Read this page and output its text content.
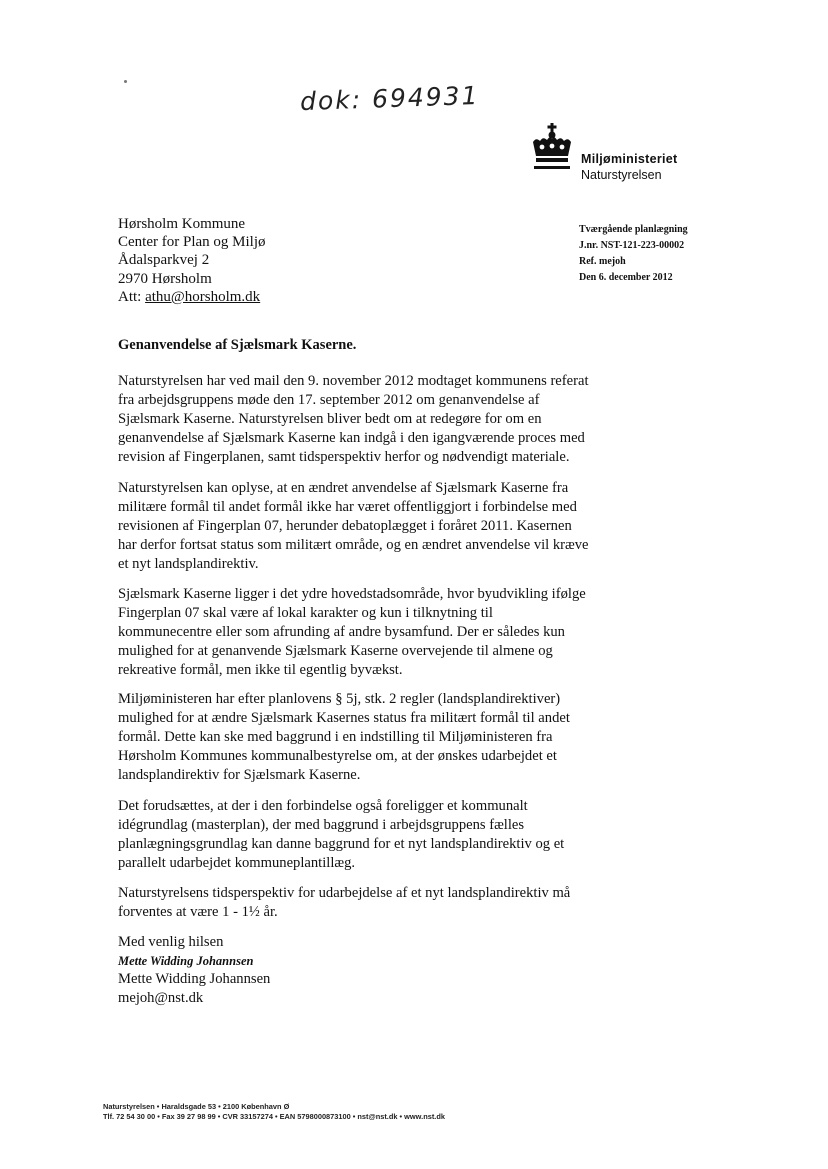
dok: 694931
Miljøministeriet
Naturstyrelsen
Hørsholm Kommune
Center for Plan og Miljø
Ådalsparkvej 2
2970 Hørsholm
Att: athu@horsholm.dk
Tværgående planlægning
J.nr. NST-121-223-00002
Ref. mejoh
Den 6. december 2012
Genanvendelse af Sjælsmark Kaserne.
Naturstyrelsen har ved mail den 9. november 2012 modtaget kommunens referat
fra arbejdsgruppens møde den 17. september 2012 om genanvendelse af
Sjælsmark Kaserne. Naturstyrelsen bliver bedt om at redegøre for om en
genanvendelse af Sjælsmark Kaserne kan indgå i den igangværende proces med
revision af Fingerplanen, samt tidsperspektiv herfor og nødvendigt materiale.
Naturstyrelsen kan oplyse, at en ændret anvendelse af Sjælsmark Kaserne fra
militære formål til andet formål ikke har været offentliggjort i forbindelse med
revisionen af Fingerplan 07, herunder debatoplægget i foråret 2011. Kasernen
har derfor fortsat status som militært område, og en ændret anvendelse vil kræve
et nyt landsplandirektiv.
Sjælsmark Kaserne ligger i det ydre hovedstadsområde, hvor byudvikling ifølge
Fingerplan 07 skal være af lokal karakter og kun i tilknytning til
kommunecentre eller som afrunding af andre bysamfund. Der er således kun
mulighed for at genanvende Sjælsmark Kaserne overvejende til almene og
rekreative formål, men ikke til egentlig byvækst.
Miljøministeren har efter planlovens § 5j, stk. 2 regler (landsplandirektiver)
mulighed for at ændre Sjælsmark Kasernes status fra militært formål til andet
formål. Dette kan ske med baggrund i en indstilling til Miljøministeren fra
Hørsholm Kommunes kommunalbestyrelse om, at der ønskes udarbejdet et
landsplandirektiv for Sjælsmark Kaserne.
Det forudsættes, at der i den forbindelse også foreligger et kommunalt
idégrundlag (masterplan), der med baggrund i arbejdsgruppens fælles
planlægningsgrundlag kan danne baggrund for et nyt landsplandirektiv og et
parallelt udarbejdet kommuneplantillæg.
Naturstyrelsens tidsperspektiv for udarbejdelse af et nyt landsplandirektiv må
forventes at være 1 - 1½ år.
Med venlig hilsen
Mette Widding Johannsen
Mette Widding Johannsen
mejoh@nst.dk
Naturstyrelsen • Haraldsgade 53 • 2100 København Ø
Tlf. 72 54 30 00 • Fax 39 27 98 99 • CVR 33157274 • EAN 5798000873100 • nst@nst.dk • www.nst.dk
